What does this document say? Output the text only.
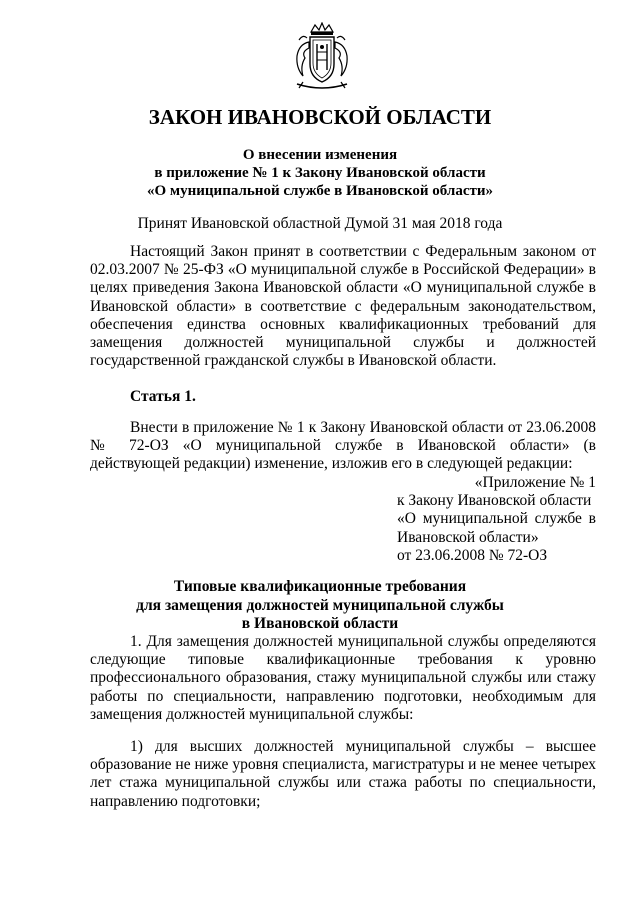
ЗАКОН ИВАНОВСКОЙ ОБЛАСТИ
О внесении изменения
в приложение № 1 к Закону Ивановской области
«О муниципальной службе в Ивановской области»
Принят Ивановской областной Думой 31 мая 2018 года
Настоящий Закон принят в соответствии с Федеральным законом от 02.03.2007 № 25-ФЗ «О муниципальной службе в Российской Федерации» в целях приведения Закона Ивановской области «О муниципальной службе в Ивановской области» в соответствие с федеральным законодательством, обеспечения единства основных квалификационных требований для замещения должностей муниципальной службы и должностей государственной гражданской службы в Ивановской области.
Статья 1.
Внести в приложение № 1 к Закону Ивановской области от 23.06.2008 № 72-ОЗ «О муниципальной службе в Ивановской области» (в действующей редакции) изменение, изложив его в следующей редакции:
«Приложение № 1
к Закону Ивановской области
«О муниципальной службе в Ивановской области»
от 23.06.2008 № 72-ОЗ
Типовые квалификационные требования
для замещения должностей муниципальной службы
в Ивановской области
1. Для замещения должностей муниципальной службы определяются следующие типовые квалификационные требования к уровню профессионального образования, стажу муниципальной службы или стажу работы по специальности, направлению подготовки, необходимым для замещения должностей муниципальной службы:
1) для высших должностей муниципальной службы – высшее образование не ниже уровня специалиста, магистратуры и не менее четырех лет стажа муниципальной службы или стажа работы по специальности, направлению подготовки;
